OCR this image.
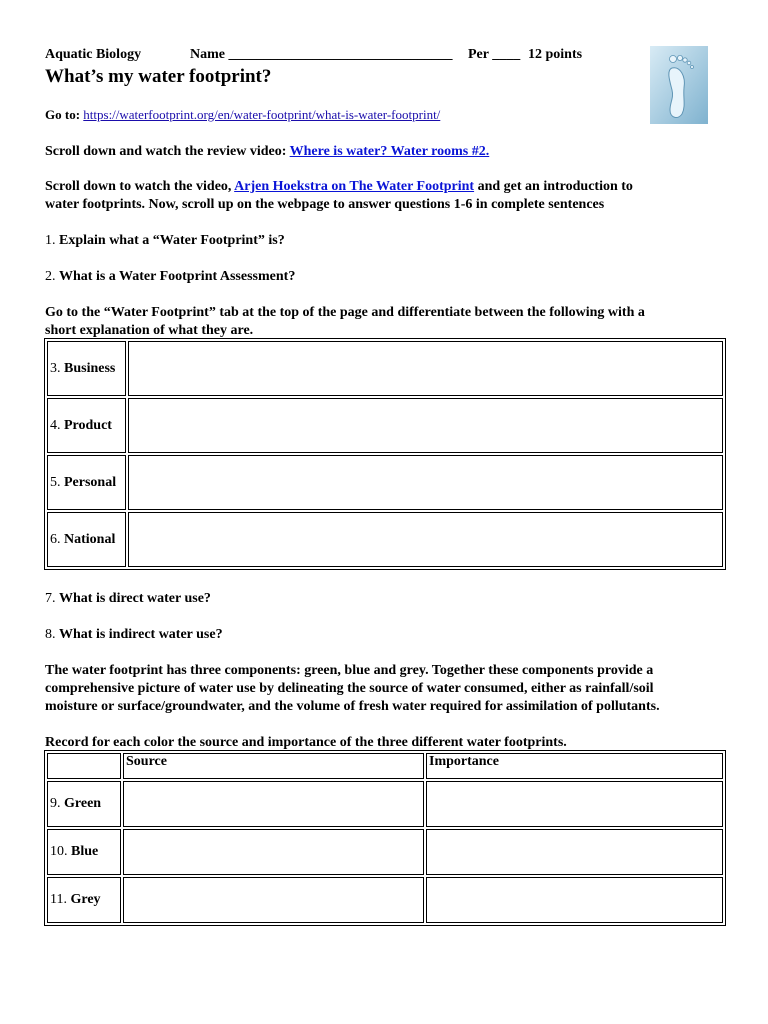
Aquatic Biology	Name ________________________________ Per ____ 12 points
What’s my water footprint?
Go to: https://waterfootprint.org/en/water-footprint/what-is-water-footprint/
Scroll down and watch the review video: Where is water? Water rooms #2.
Scroll down to watch the video, Arjen Hoekstra on The Water Footprint and get an introduction to
water footprints. Now, scroll up on the webpage to answer questions 1-6 in complete sentences
1. Explain what a “Water Footprint” is?
2. What is a Water Footprint Assessment?
Go to the “Water Footprint” tab at the top of the page and differentiate between the following with a
short explanation of what they are.
3. Business	
4. Product	
5. Personal	
6. National	
7. What is direct water use?
8. What is indirect water use?
The water footprint has three components: green, blue and grey. Together these components provide a
comprehensive picture of water use by delineating the source of water consumed, either as rainfall/soil
moisture or surface/groundwater, and the volume of fresh water required for assimilation of pollutants.
Record for each color the source and importance of the three different water footprints.
	Source	Importance
9. Green		
10. Blue		
11. Grey		
